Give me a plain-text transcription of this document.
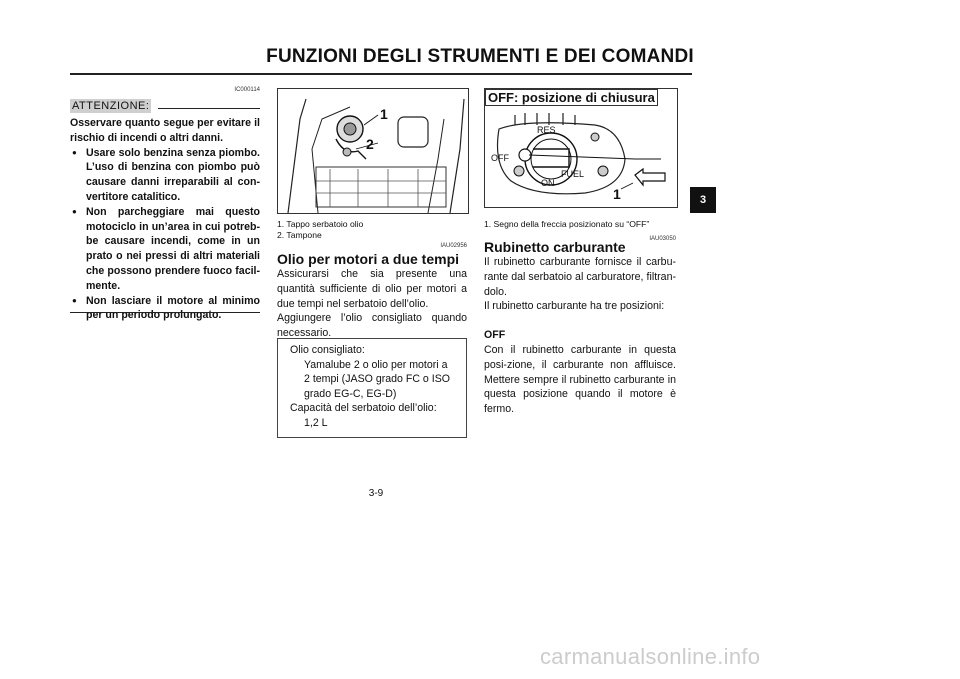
FUNZIONI DEGLI STRUMENTI E DEI COMANDI
IC000114
ATTENZIONE:
Osservare quanto segue per evitare il rischio di incendi o altri danni.
● Usare solo benzina senza piombo. L’uso di benzina con piombo può causare danni irreparabili al con-vertitore catalitico.
● Non parcheggiare mai questo motociclo in un’area in cui potreb-be causare incendi, come in un prato o nei pressi di altri materiali che possono prendere fuoco facil-mente.
● Non lasciare il motore al minimo per un periodo prolungato.
1
2
1. Tappo serbatoio olio
2. Tampone
IAU02956
Olio per motori a due tempi
Assicurarsi che sia presente una quantità sufficiente di olio per motori a due tempi nel serbatoio dell’olio.
Aggiungere l’olio consigliato quando necessario.
Olio consigliato:
Yamalube 2 o olio per motori a
2 tempi (JASO grado FC o ISO
grado EG-C, EG-D)
Capacità del serbatoio dell’olio:
1,2 L
RES
OFF
FUEL
ON
1
OFF: posizione di chiusura
1. Segno della freccia posizionato su “OFF”
IAU03050
Rubinetto carburante
Il rubinetto carburante fornisce il carbu-rante dal serbatoio al carburatore, filtran-dolo.
Il rubinetto carburante ha tre posizioni:
OFF
Con il rubinetto carburante in questa posi-zione, il carburante non affluisce. Mettere sempre il rubinetto carburante in questa posizione quando il motore è fermo.
3
3-9
carmanualsonline.info
